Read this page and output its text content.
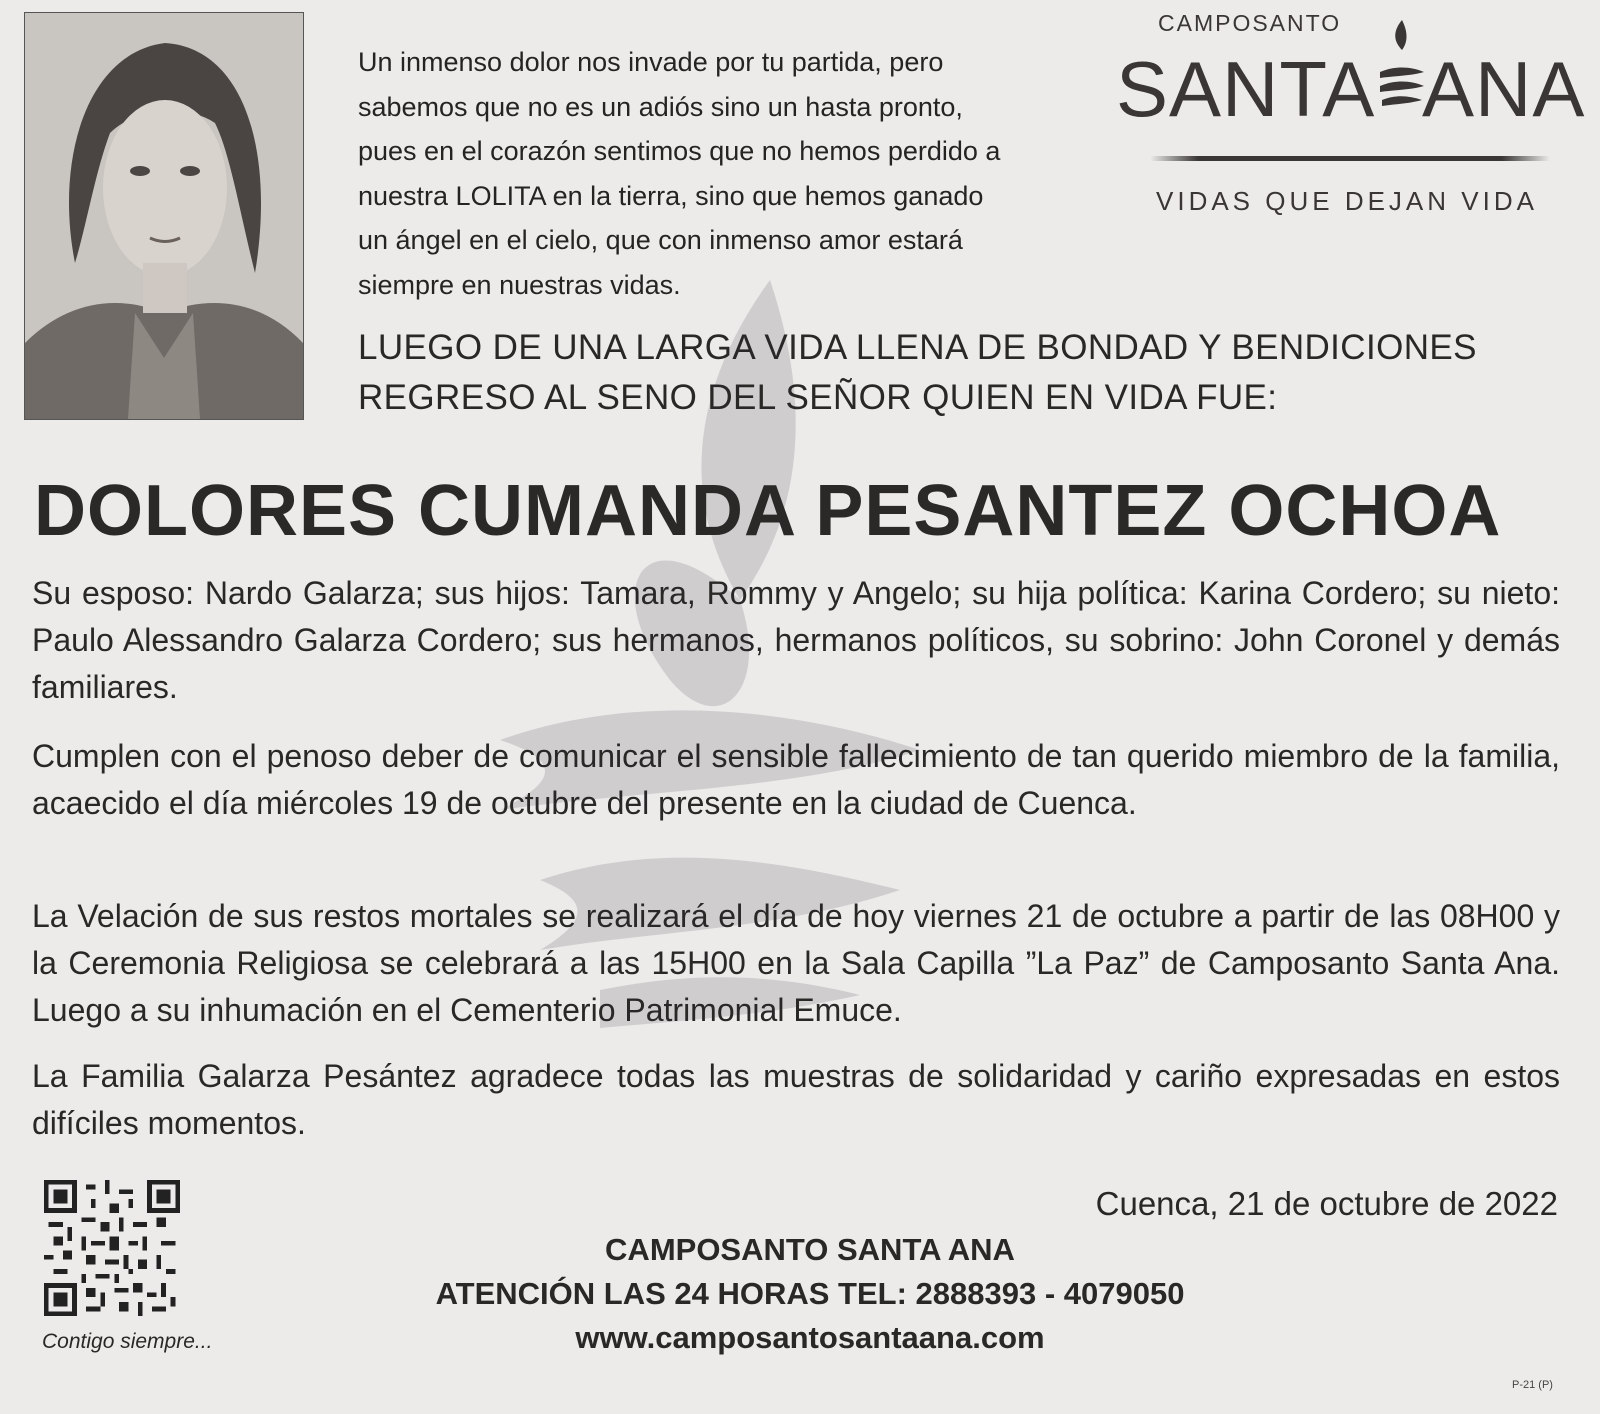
Un inmenso dolor nos invade por tu partida, pero
sabemos que no es un adiós sino un hasta pronto,
pues en el corazón sentimos que no hemos perdido a
nuestra LOLITA en la tierra, sino que hemos ganado
un ángel en el cielo, que con inmenso amor estará
siempre en nuestras vidas.
CAMPOSANTO
SANTA ANA
VIDAS QUE DEJAN VIDA
LUEGO DE UNA LARGA VIDA LLENA DE BONDAD Y BENDICIONES
REGRESO AL SENO DEL SEÑOR QUIEN EN VIDA FUE:
DOLORES CUMANDA PESANTEZ OCHOA
Su esposo: Nardo Galarza; sus hijos: Tamara, Rommy y Angelo; su hija política: Karina Cordero; su nieto: Paulo Alessandro Galarza Cordero; sus hermanos, hermanos políticos, su sobrino: John Coronel y demás familiares.
Cumplen con el penoso deber de comunicar el sensible fallecimiento de tan querido miembro de la familia, acaecido el día miércoles 19 de octubre del presente en la ciudad de Cuenca.
La Velación de sus restos mortales se realizará el día de hoy viernes 21 de octubre a partir de las 08H00 y la Ceremonia Religiosa se celebrará a las 15H00 en la Sala Capilla ”La Paz” de Camposanto Santa Ana. Luego a su inhumación en el Cementerio Patrimonial Emuce.
La Familia Galarza Pesántez agradece todas las muestras de solidaridad y cariño expresadas en estos difíciles momentos.
Contigo siempre...
Cuenca, 21 de octubre de 2022
CAMPOSANTO SANTA ANA
ATENCIÓN LAS 24 HORAS TEL: 2888393 - 4079050
www.camposantosantaana.com
P-21 (P)
